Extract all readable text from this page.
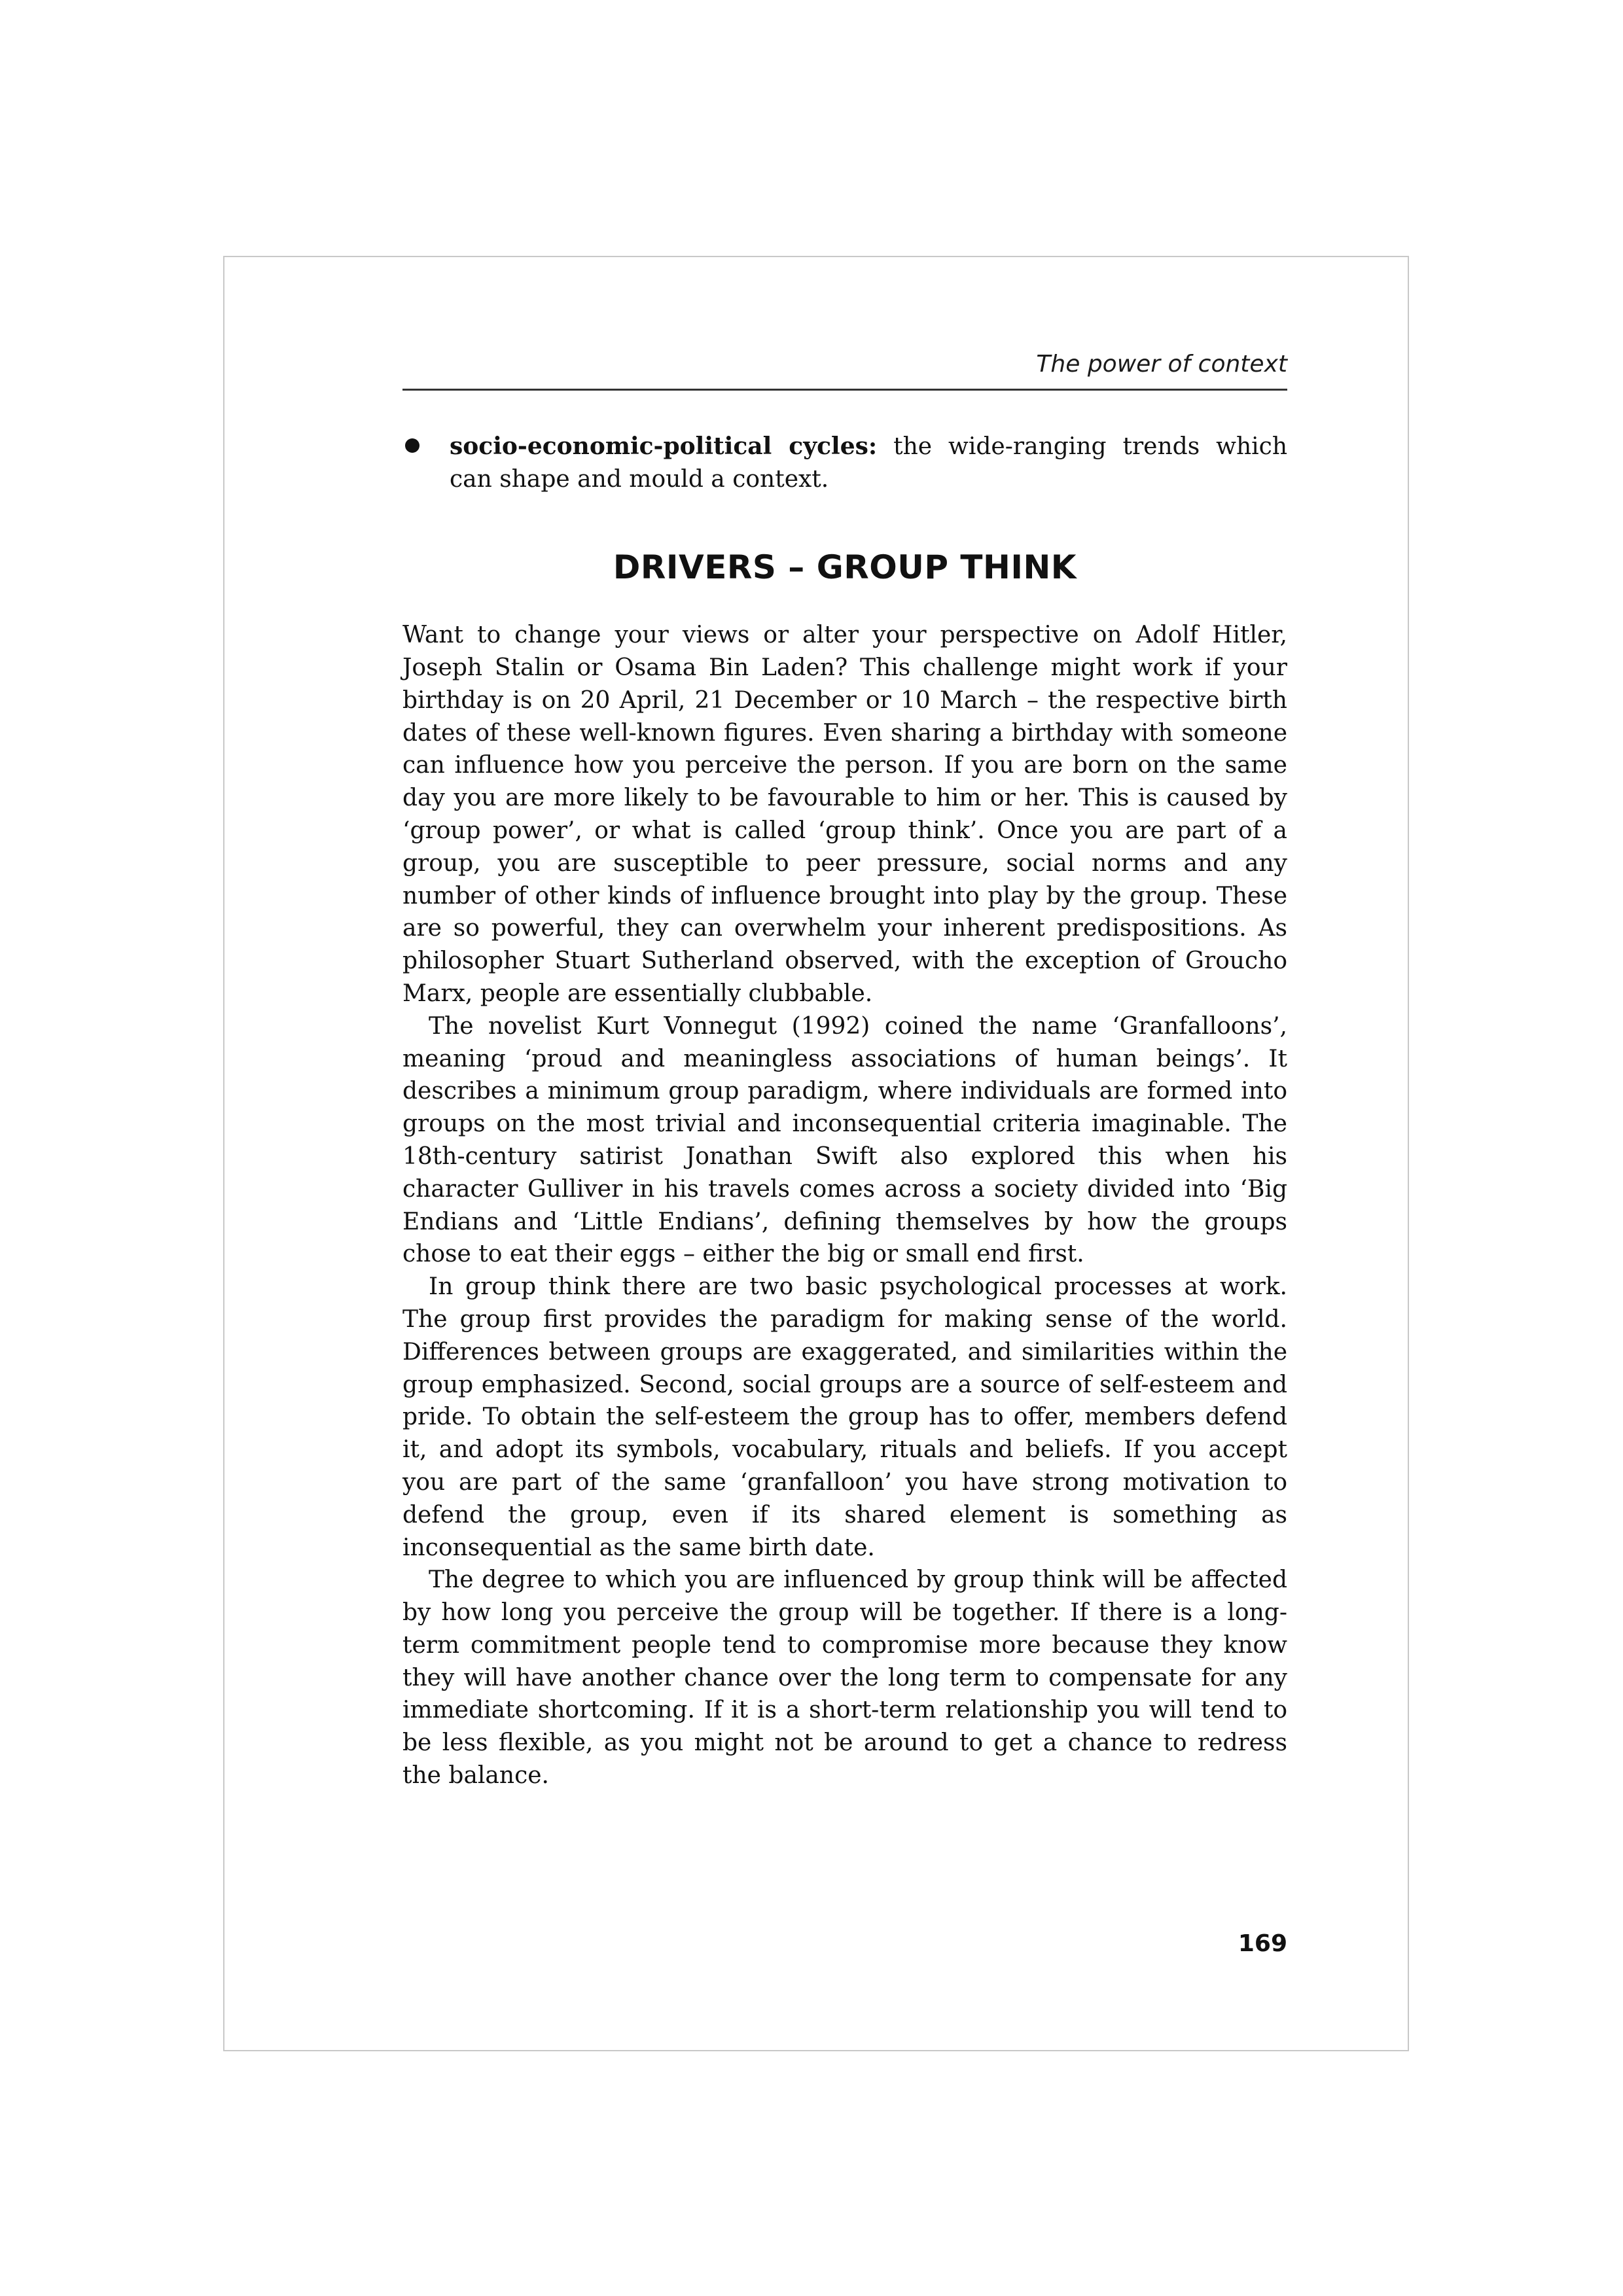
The power of context
socio-economic-political cycles: the wide-ranging trends which can shape and mould a context.
DRIVERS – GROUP THINK

Want to change your views or alter your perspective on Adolf Hitler, Joseph Stalin or Osama Bin Laden? This challenge might work if your birthday is on 20 April, 21 December or 10 March – the respective birth dates of these well-known figures. Even sharing a birthday with someone can influence how you perceive the person. If you are born on the same day you are more likely to be favourable to him or her. This is caused by ‘group power’, or what is called ‘group think’. Once you are part of a group, you are susceptible to peer pressure, social norms and any number of other kinds of influence brought into play by the group. These are so powerful, they can overwhelm your inherent predispositions. As philosopher Stuart Sutherland observed, with the exception of Groucho Marx, people are essentially clubbable.

The novelist Kurt Vonnegut (1992) coined the name ‘Granfalloons’, meaning ‘proud and meaningless associations of human beings’. It describes a minimum group paradigm, where individuals are formed into groups on the most trivial and inconsequential criteria imaginable. The 18th-century satirist Jonathan Swift also explored this when his character Gulliver in his travels comes across a society divided into ‘Big Endians and ‘Little Endians’, defining themselves by how the groups chose to eat their eggs – either the big or small end first.

In group think there are two basic psychological processes at work. The group first provides the paradigm for making sense of the world. Differences between groups are exaggerated, and similarities within the group emphasized. Second, social groups are a source of self-esteem and pride. To obtain the self-esteem the group has to offer, members defend it, and adopt its symbols, vocabulary, rituals and beliefs. If you accept you are part of the same ‘granfalloon’ you have strong motivation to defend the group, even if its shared element is something as inconsequential as the same birth date.

The degree to which you are influenced by group think will be affected by how long you perceive the group will be together. If there is a long-term commitment people tend to compromise more because they know they will have another chance over the long term to compensate for any immediate shortcoming. If it is a short-term relationship you will tend to be less flexible, as you might not be around to get a chance to redress the balance.

169
